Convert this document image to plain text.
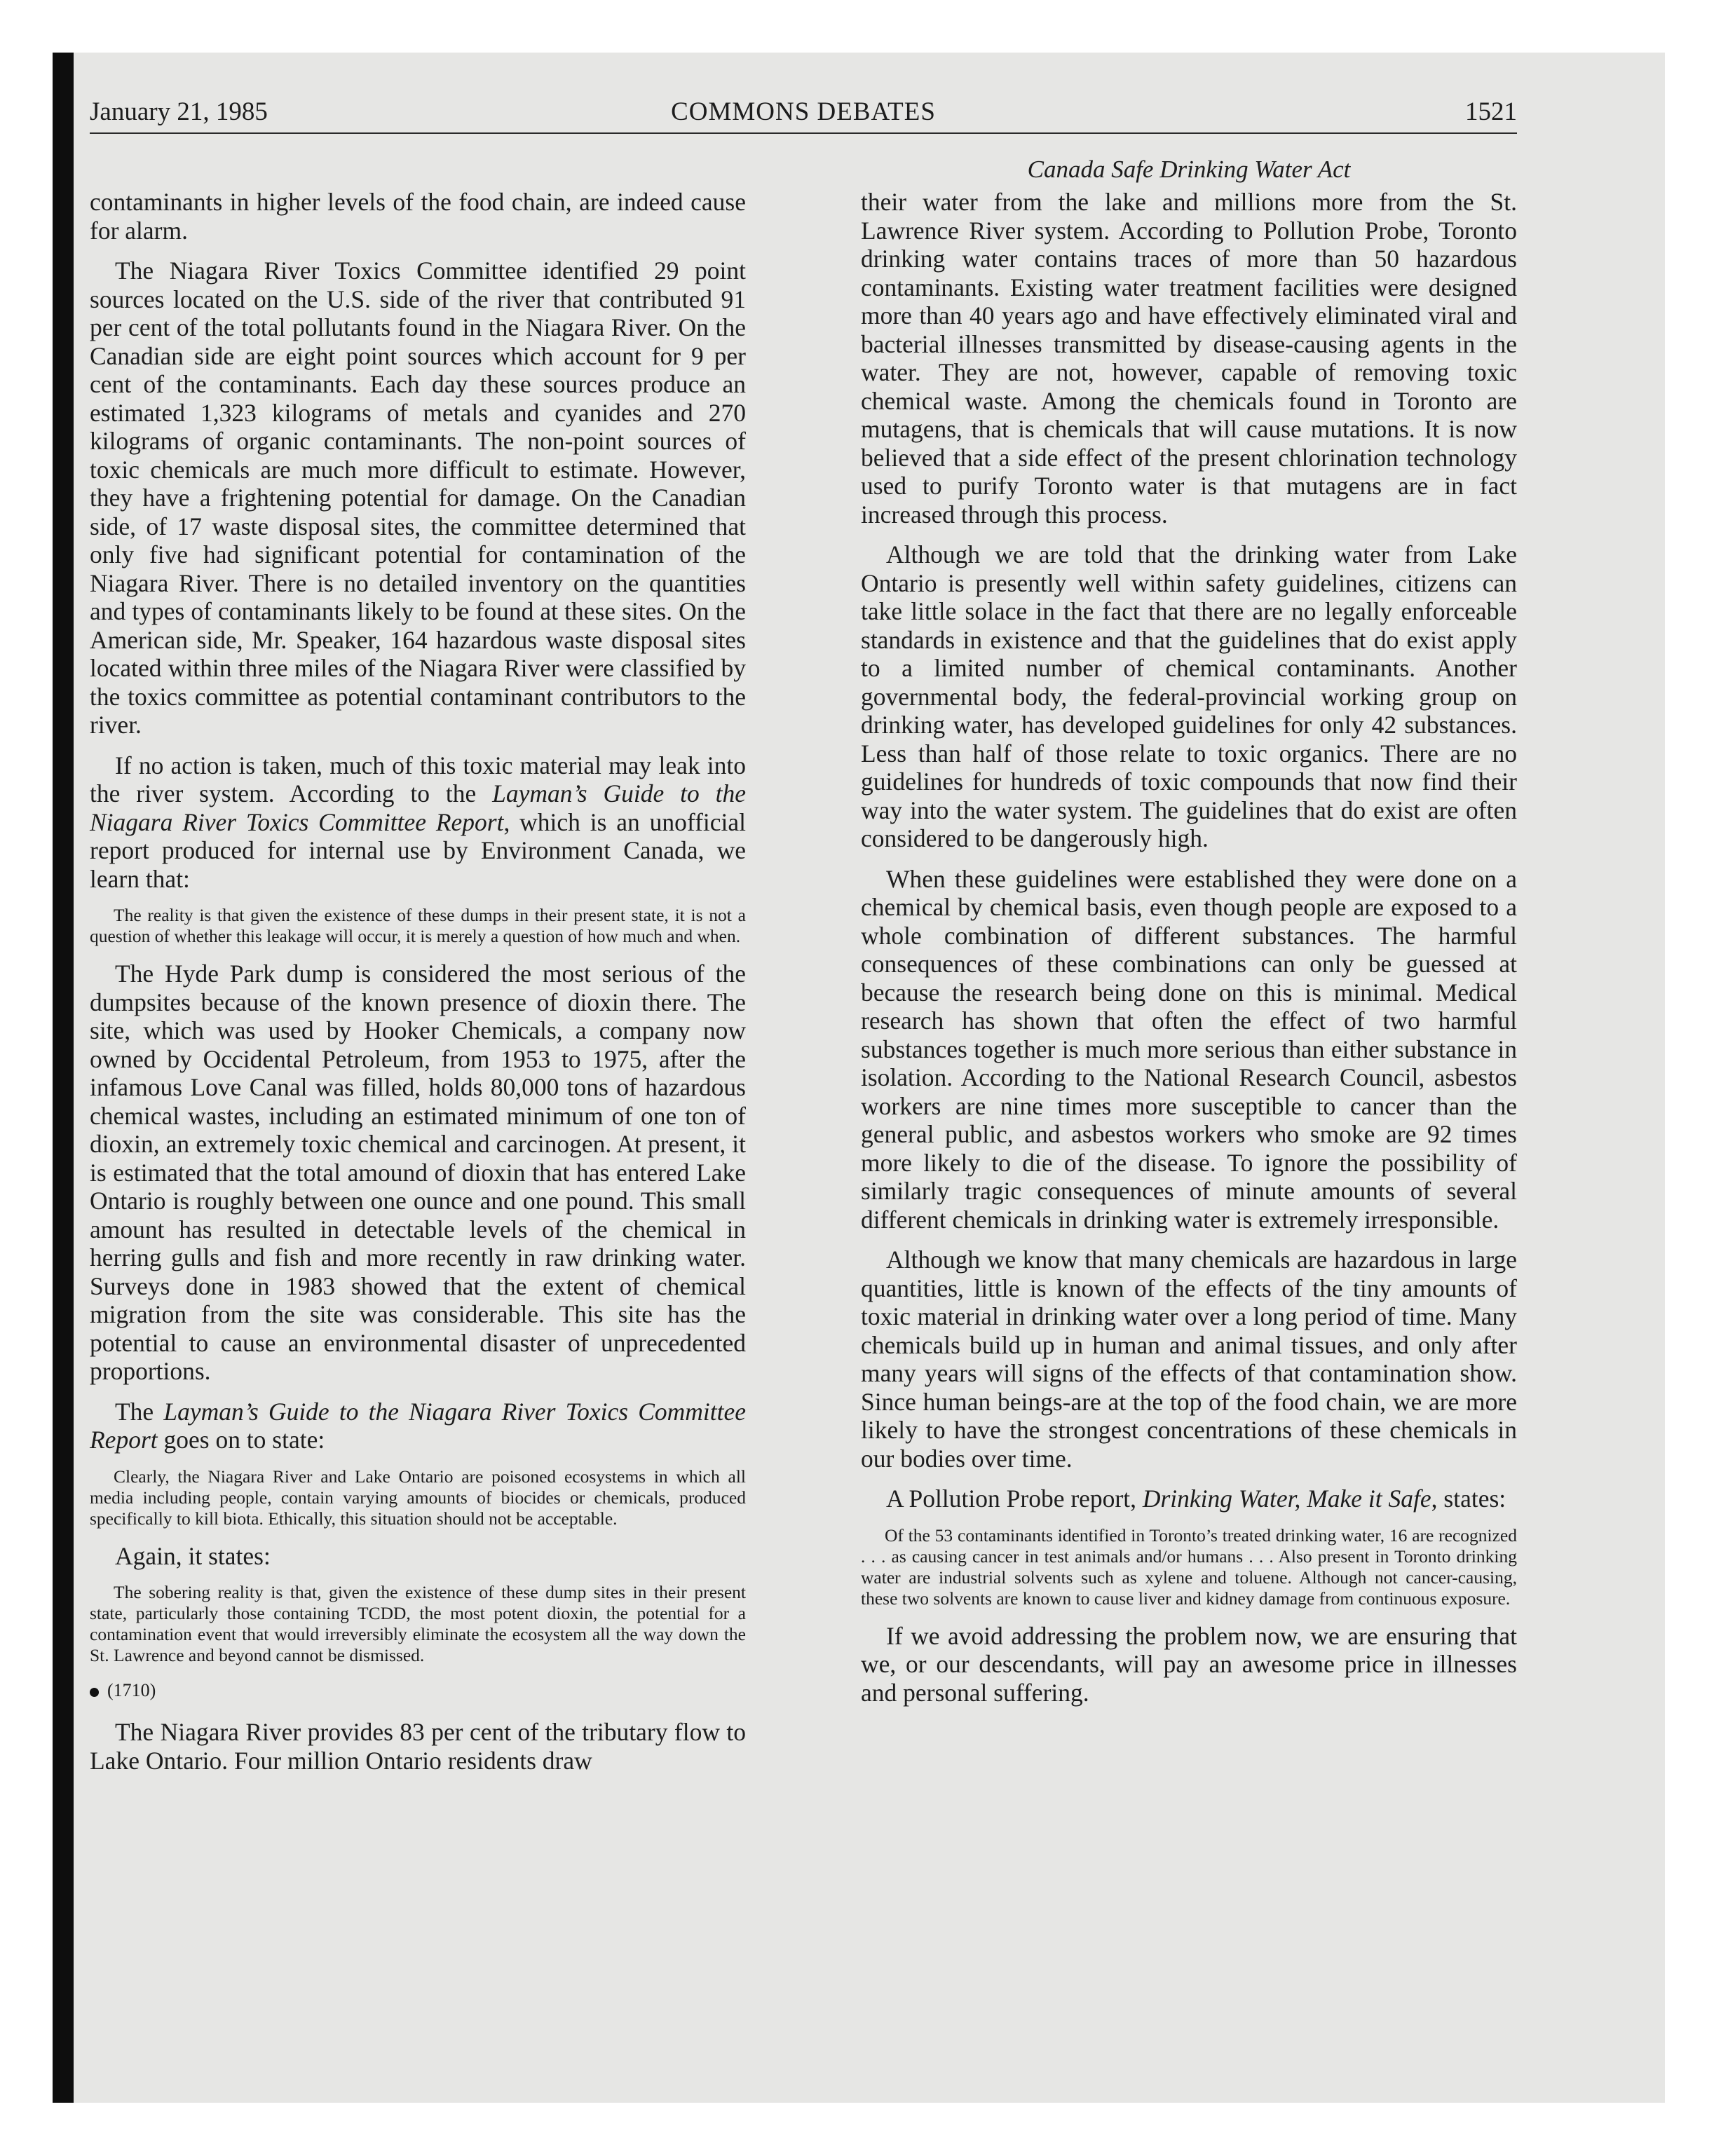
January 21, 1985	COMMONS DEBATES	1521
Canada Safe Drinking Water Act

contaminants in higher levels of the food chain, are indeed cause for alarm.

The Niagara River Toxics Committee identified 29 point sources located on the U.S. side of the river that contributed 91 per cent of the total pollutants found in the Niagara River. On the Canadian side are eight point sources which account for 9 per cent of the contaminants. Each day these sources produce an estimated 1,323 kilograms of metals and cyanides and 270 kilograms of organic contaminants. The non-point sources of toxic chemicals are much more difficult to estimate. However, they have a frightening potential for damage. On the Canadian side, of 17 waste disposal sites, the committee determined that only five had significant potential for contamination of the Niagara River. There is no detailed inventory on the quantities and types of contaminants likely to be found at these sites. On the American side, Mr. Speaker, 164 hazardous waste disposal sites located within three miles of the Niagara River were classified by the toxics committee as potential contaminant contributors to the river.

If no action is taken, much of this toxic material may leak into the river system. According to the Layman’s Guide to the Niagara River Toxics Committee Report, which is an unofficial report produced for internal use by Environment Canada, we learn that:

The reality is that given the existence of these dumps in their present state, it is not a question of whether this leakage will occur, it is merely a question of how much and when.

The Hyde Park dump is considered the most serious of the dumpsites because of the known presence of dioxin there. The site, which was used by Hooker Chemicals, a company now owned by Occidental Petroleum, from 1953 to 1975, after the infamous Love Canal was filled, holds 80,000 tons of hazardous chemical wastes, including an estimated minimum of one ton of dioxin, an extremely toxic chemical and carcinogen. At present, it is estimated that the total amound of dioxin that has entered Lake Ontario is roughly between one ounce and one pound. This small amount has resulted in detectable levels of the chemical in herring gulls and fish and more recently in raw drinking water. Surveys done in 1983 showed that the extent of chemical migration from the site was considerable. This site has the potential to cause an environmental disaster of unprecedented proportions.

The Layman’s Guide to the Niagara River Toxics Committee Report goes on to state:

Clearly, the Niagara River and Lake Ontario are poisoned ecosystems in which all media including people, contain varying amounts of biocides or chemicals, produced specifically to kill biota. Ethically, this situation should not be acceptable.

Again, it states:

The sobering reality is that, given the existence of these dump sites in their present state, particularly those containing TCDD, the most potent dioxin, the potential for a contamination event that would irreversibly eliminate the ecosystem all the way down the St. Lawrence and beyond cannot be dismissed.

(1710)

The Niagara River provides 83 per cent of the tributary flow to Lake Ontario. Four million Ontario residents draw

their water from the lake and millions more from the St. Lawrence River system. According to Pollution Probe, Toronto drinking water contains traces of more than 50 hazardous contaminants. Existing water treatment facilities were designed more than 40 years ago and have effectively eliminated viral and bacterial illnesses transmitted by disease-causing agents in the water. They are not, however, capable of removing toxic chemical waste. Among the chemicals found in Toronto are mutagens, that is chemicals that will cause mutations. It is now believed that a side effect of the present chlorination technology used to purify Toronto water is that mutagens are in fact increased through this process.

Although we are told that the drinking water from Lake Ontario is presently well within safety guidelines, citizens can take little solace in the fact that there are no legally enforceable standards in existence and that the guidelines that do exist apply to a limited number of chemical contaminants. Another governmental body, the federal-provincial working group on drinking water, has developed guidelines for only 42 substances. Less than half of those relate to toxic organics. There are no guidelines for hundreds of toxic compounds that now find their way into the water system. The guidelines that do exist are often considered to be dangerously high.

When these guidelines were established they were done on a chemical by chemical basis, even though people are exposed to a whole combination of different substances. The harmful consequences of these combinations can only be guessed at because the research being done on this is minimal. Medical research has shown that often the effect of two harmful substances together is much more serious than either substance in isolation. According to the National Research Council, asbestos workers are nine times more susceptible to cancer than the general public, and asbestos workers who smoke are 92 times more likely to die of the disease. To ignore the possibility of similarly tragic consequences of minute amounts of several different chemicals in drinking water is extremely irresponsible.

Although we know that many chemicals are hazardous in large quantities, little is known of the effects of the tiny amounts of toxic material in drinking water over a long period of time. Many chemicals build up in human and animal tissues, and only after many years will signs of the effects of that contamination show. Since human beings-are at the top of the food chain, we are more likely to have the strongest concentrations of these chemicals in our bodies over time.

A Pollution Probe report, Drinking Water, Make it Safe, states:

Of the 53 contaminants identified in Toronto’s treated drinking water, 16 are recognized . . . as causing cancer in test animals and/or humans . . . Also present in Toronto drinking water are industrial solvents such as xylene and toluene. Although not cancer-causing, these two solvents are known to cause liver and kidney damage from continuous exposure.

If we avoid addressing the problem now, we are ensuring that we, or our descendants, will pay an awesome price in illnesses and personal suffering.
